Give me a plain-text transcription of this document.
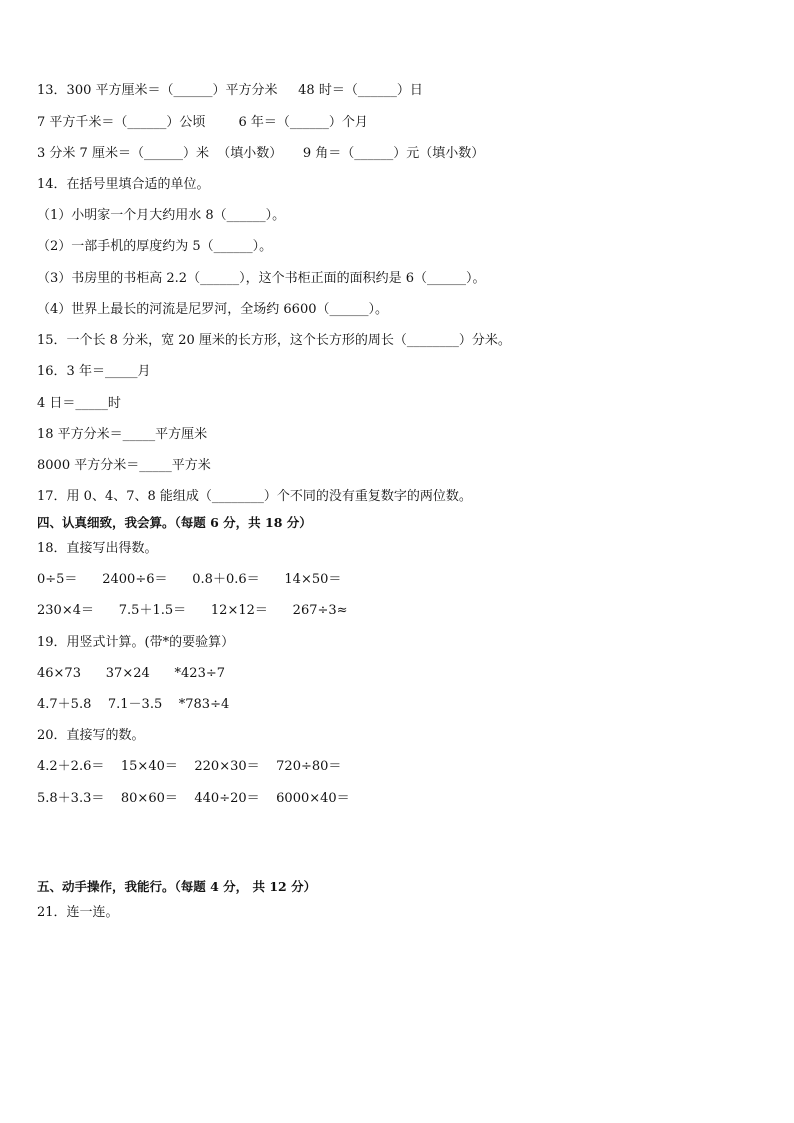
13．300 平方厘米＝（______）平方分米     48 时＝（______）日
7 平方千米＝（______）公顷        6 年＝（______）个月
3 分米 7 厘米＝（______）米  （填小数）     9 角＝（______）元（填小数）
14．在括号里填合适的单位。
（1）小明家一个月大约用水 8（______）。
（2）一部手机的厚度约为 5（______）。
（3）书房里的书柜高 2.2（______），这个书柜正面的面积约是 6（______）。
（4）世界上最长的河流是尼罗河，全场约 6600（______）。
15．一个长 8 分米，宽 20 厘米的长方形，这个长方形的周长（________）分米。
16．3 年＝_____月
4 日＝_____时
18 平方分米＝_____平方厘米
8000 平方分米＝_____平方米
17．用 0、4、7、8 能组成（________）个不同的没有重复数字的两位数。
四、认真细致，我会算。（每题 6 分，共 18 分）
18．直接写出得数。
0÷5＝      2400÷6＝      0.8＋0.6＝      14×50＝
230×4＝      7.5＋1.5＝      12×12＝      267÷3≈
19．用竖式计算。(带*的要验算）
46×73      37×24      *423÷7
4.7＋5.8    7.1－3.5    *783÷4
20．直接写的数。
4.2＋2.6＝    15×40＝    220×30＝    720÷80＝
5.8＋3.3＝    80×60＝    440÷20＝    6000×40＝
五、动手操作，我能行。（每题 4 分， 共 12 分）
21．连一连。
